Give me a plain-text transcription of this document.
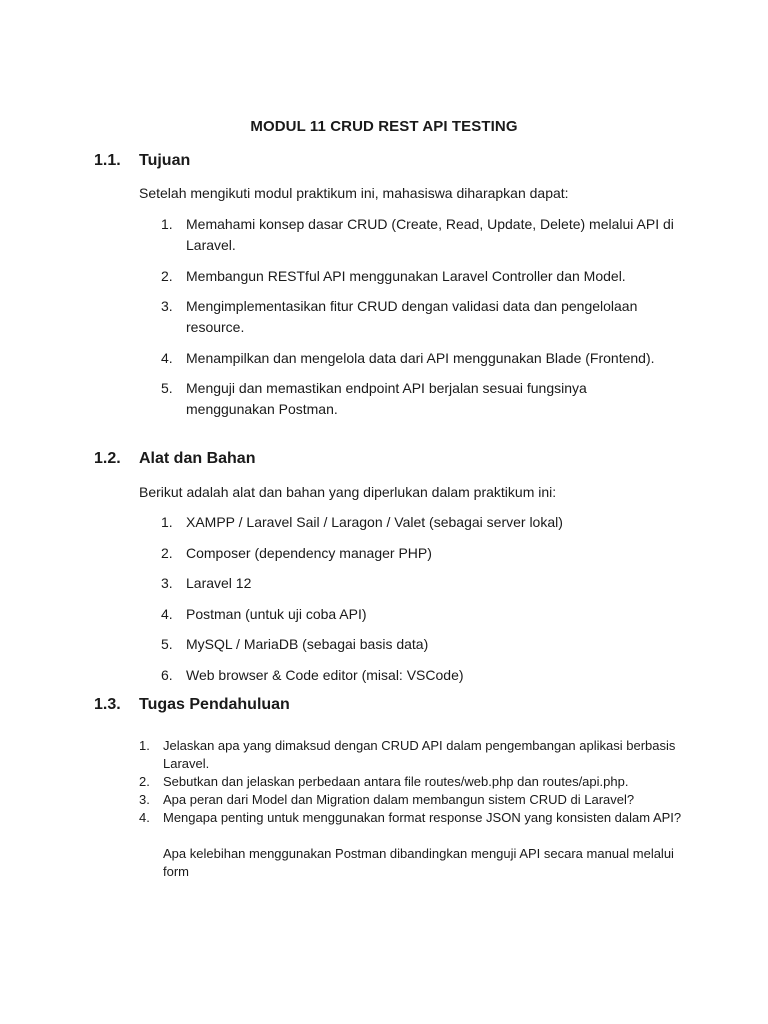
MODUL 11 CRUD REST API TESTING
1.1. Tujuan
Setelah mengikuti modul praktikum ini, mahasiswa diharapkan dapat:
1. Memahami konsep dasar CRUD (Create, Read, Update, Delete) melalui API di Laravel.
2. Membangun RESTful API menggunakan Laravel Controller dan Model.
3. Mengimplementasikan fitur CRUD dengan validasi data dan pengelolaan resource.
4. Menampilkan dan mengelola data dari API menggunakan Blade (Frontend).
5. Menguji dan memastikan endpoint API berjalan sesuai fungsinya menggunakan Postman.
1.2. Alat dan Bahan
Berikut adalah alat dan bahan yang diperlukan dalam praktikum ini:
1. XAMPP / Laravel Sail / Laragon / Valet (sebagai server lokal)
2. Composer (dependency manager PHP)
3. Laravel 12
4. Postman (untuk uji coba API)
5. MySQL / MariaDB (sebagai basis data)
6. Web browser & Code editor (misal: VSCode)
1.3. Tugas Pendahuluan
1.	Jelaskan apa yang dimaksud dengan CRUD API dalam pengembangan aplikasi berbasis Laravel.
2.	Sebutkan dan jelaskan perbedaan antara file routes/web.php dan routes/api.php.
3.	Apa peran dari Model dan Migration dalam membangun sistem CRUD di Laravel?
4.	Mengapa penting untuk menggunakan format response JSON yang konsisten dalam API?
Apa kelebihan menggunakan Postman dibandingkan menguji API secara manual melalui form
